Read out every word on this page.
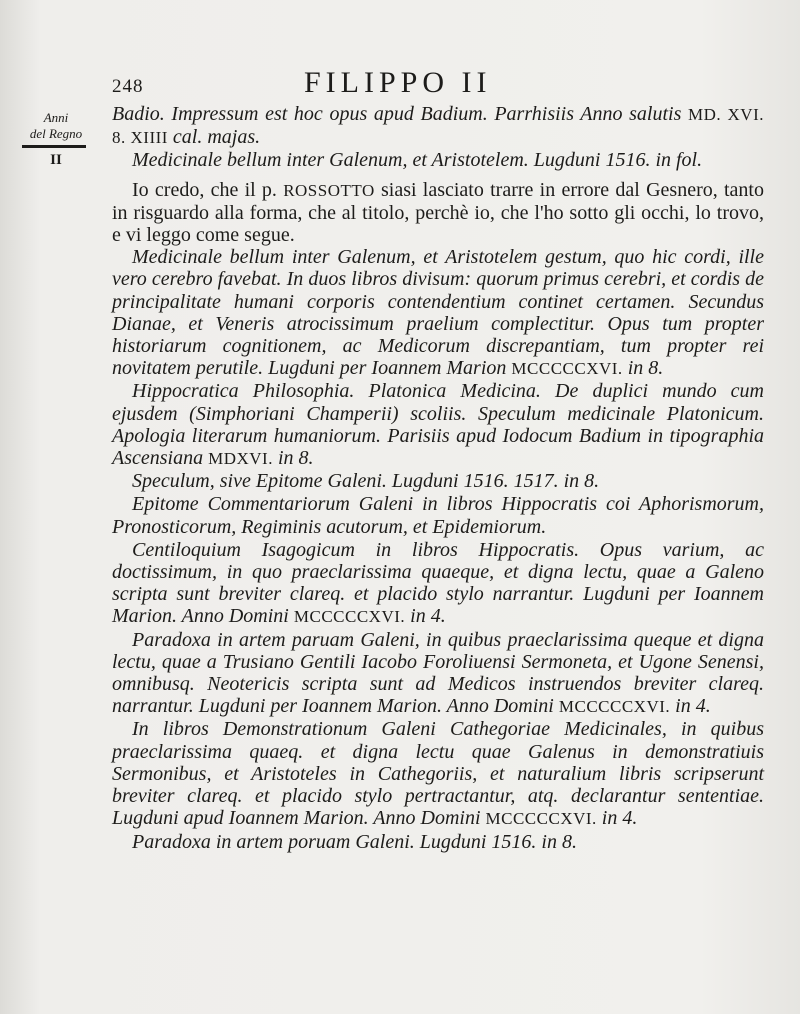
248	FILIPPO II
Anni
del Regno
II

Badio. Impressum est hoc opus apud Badium. Parrhisiis Anno salutis MD. XVI. 8. XIIII cal. majas.

Medicinale bellum inter Galenum, et Aristotelem. Lugduni 1516. in fol.

Io credo, che il p. ROSSOTTO siasi lasciato trarre in errore dal Gesnero, tanto in risguardo alla forma, che al titolo, perchè io, che l'ho sotto gli occhi, lo trovo, e vi leggo come segue.

Medicinale bellum inter Galenum, et Aristotelem gestum, quo hic cordi, ille vero cerebro favebat. In duos libros divisum: quorum primus cerebri, et cordis de principalitate humani corporis contendentium continet certamen. Secundus Dianae, et Veneris atrocissimum praelium complectitur. Opus tum propter historiarum cognitionem, ac Medicorum discrepantiam, tum propter rei novitatem perutile. Lugduni per Ioannem Marion MCCCCCXVI. in 8.

Hippocratica Philosophia. Platonica Medicina. De duplici mundo cum ejusdem (Simphoriani Champerii) scoliis. Speculum medicinale Platonicum. Apologia literarum humaniorum. Parisiis apud Iodocum Badium in tipographia Ascensiana MDXVI. in 8.

Speculum, sive Epitome Galeni. Lugduni 1516. 1517. in 8.

Epitome Commentariorum Galeni in libros Hippocratis coi Aphorismorum, Pronosticorum, Regiminis acutorum, et Epidemiorum.

Centiloquium Isagogicum in libros Hippocratis. Opus varium, ac doctissimum, in quo praeclarissima quaeque, et digna lectu, quae a Galeno scripta sunt breviter clareq. et placido stylo narrantur. Lugduni per Ioannem Marion. Anno Domini MCCCCCXVI. in 4.

Paradoxa in artem paruam Galeni, in quibus praeclarissima queque et digna lectu, quae a Trusiano Gentili Iacobo Foroliuensi Sermoneta, et Ugone Senensi, omnibusq. Neotericis scripta sunt ad Medicos instruendos breviter clareq. narrantur. Lugduni per Ioannem Marion. Anno Domini MCCCCCXVI. in 4.

In libros Demonstrationum Galeni Cathegoriae Medicinales, in quibus praeclarissima quaeq. et digna lectu quae Galenus in demonstratiuis Sermonibus, et Aristoteles in Cathegoriis, et naturalium libris scripserunt breviter clareq. et placido stylo pertractantur, atq. declarantur sententiae. Lugduni apud Ioannem Marion. Anno Domini MCCCCCXVI. in 4.

Paradoxa in artem poruam Galeni. Lugduni 1516. in 8.
